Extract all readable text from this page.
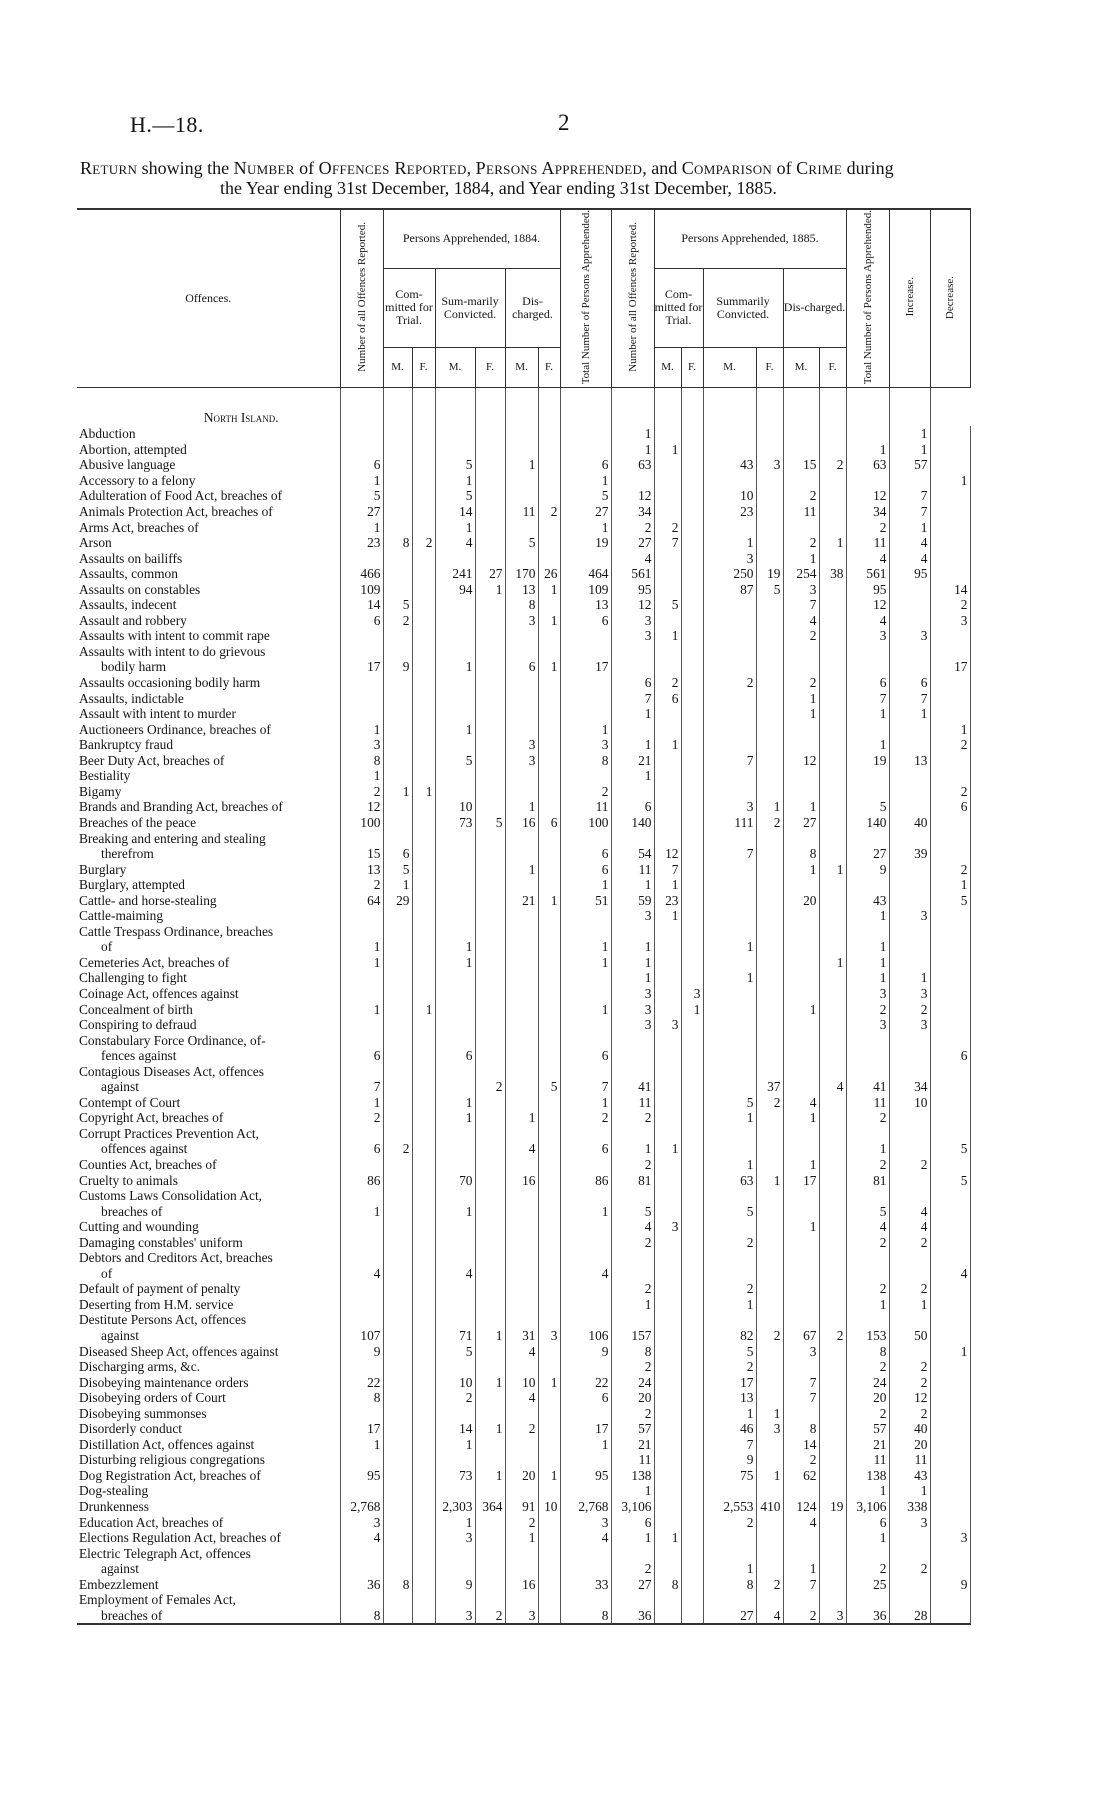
H.—18.	2
Return showing the Number of Offences Reported, Persons Apprehended, and Comparison of Crime during
the Year ending 31st December, 1884, and Year ending 31st December, 1885.
Offences.	Number of all Offences Reported.	Persons Apprehended, 1884.						Total Number of Persons Apprehended.	Number of all Offences Reported.	Persons Apprehended, 1885.						Total Number of Persons Apprehended.	Increase.	Decrease.
		Com-mitted for Trial.		Sum-marily Convicted.		Dis-charged.				Com-mitted for Trial.		Summarily Convicted.		Dis-charged.				
		M.	F.	M.	F.	M.	F.			M.	F.	M.	F.	M.	F.			
North Island.																		
Abduction									1								1	
Abortion, attempted									1	1						1	1	
Abusive language	6			5		1		6	63			43	3	15	2	63	57	
Accessory to a felony	1			1				1										1
Adulteration of Food Act, breaches of	5			5				5	12			10		2		12	7	
Animals Protection Act, breaches of	27			14		11	2	27	34			23		11		34	7	
Arms Act, breaches of	1			1				1	2	2						2	1	
Arson	23	8	2	4		5		19	27	7		1		2	1	11	4	
Assaults on bailiffs									4			3		1		4	4	
Assaults, common	466			241	27	170	26	464	561			250	19	254	38	561	95	
Assaults on constables	109			94	1	13	1	109	95			87	5	3		95		14
Assaults, indecent	14	5				8		13	12	5				7		12		2
Assault and robbery	6	2				3	1	6	3					4		4		3
Assaults with intent to commit rape									3	1				2		3	3	
Assaults with intent to do grievous																		
bodily harm	17	9		1		6	1	17										17
Assaults occasioning bodily harm									6	2		2		2		6	6	
Assaults, indictable									7	6				1		7	7	
Assault with intent to murder									1					1		1	1	
Auctioneers Ordinance, breaches of	1			1				1										1
Bankruptcy fraud	3					3		3	1	1						1		2
Beer Duty Act, breaches of	8			5		3		8	21			7		12		19	13	
Bestiality	1								1									
Bigamy	2	1	1					2										2
Brands and Branding Act, breaches of	12			10		1		11	6			3	1	1		5		6
Breaches of the peace	100			73	5	16	6	100	140			111	2	27		140	40	
Breaking and entering and stealing																		
therefrom	15	6						6	54	12		7		8		27	39	
Burglary	13	5				1		6	11	7				1	1	9		2
Burglary, attempted	2	1						1	1	1								1
Cattle- and horse-stealing	64	29				21	1	51	59	23				20		43		5
Cattle-maiming									3	1						1	3	
Cattle Trespass Ordinance, breaches																		
of	1			1				1	1			1				1		
Cemeteries Act, breaches of	1			1				1	1						1	1		
Challenging to fight									1			1				1	1	
Coinage Act, offences against									3		3					3	3	
Concealment of birth	1		1					1	3		1			1		2	2	
Conspiring to defraud									3	3						3	3	
Constabulary Force Ordinance, of-																		
fences against	6			6				6										6
Contagious Diseases Act, offences																		
against	7				2		5	7	41				37		4	41	34	
Contempt of Court	1			1				1	11			5	2	4		11	10	
Copyright Act, breaches of	2			1		1		2	2			1		1		2		
Corrupt Practices Prevention Act,																		
offences against	6	2				4		6	1	1						1		5
Counties Act, breaches of									2			1		1		2	2	
Cruelty to animals	86			70		16		86	81			63	1	17		81		5
Customs Laws Consolidation Act,																		
breaches of	1			1				1	5			5				5	4	
Cutting and wounding									4	3				1		4	4	
Damaging constables' uniform									2			2				2	2	
Debtors and Creditors Act, breaches																		
of	4			4				4										4
Default of payment of penalty									2			2				2	2	
Deserting from H.M. service									1			1				1	1	
Destitute Persons Act, offences																		
against	107			71	1	31	3	106	157			82	2	67	2	153	50	
Diseased Sheep Act, offences against	9			5		4		9	8			5		3		8		1
Discharging arms, &c.									2			2				2	2	
Disobeying maintenance orders	22			10	1	10	1	22	24			17		7		24	2	
Disobeying orders of Court	8			2		4		6	20			13		7		20	12	
Disobeying summonses									2			1	1			2	2	
Disorderly conduct	17			14	1	2		17	57			46	3	8		57	40	
Distillation Act, offences against	1			1				1	21			7		14		21	20	
Disturbing religious congregations									11			9		2		11	11	
Dog Registration Act, breaches of	95			73	1	20	1	95	138			75	1	62		138	43	
Dog-stealing									1							1	1	
Drunkenness	2,768			2,303	364	91	10	2,768	3,106			2,553	410	124	19	3,106	338	
Education Act, breaches of	3			1		2		3	6			2		4		6	3	
Elections Regulation Act, breaches of	4			3		1		4	1	1						1		3
Electric Telegraph Act, offences																		
against									2			1		1		2	2	
Embezzlement	36	8		9		16		33	27	8		8	2	7		25		9
Employment of Females Act,																		
breaches of	8			3	2	3		8	36			27	4	2	3	36	28	
